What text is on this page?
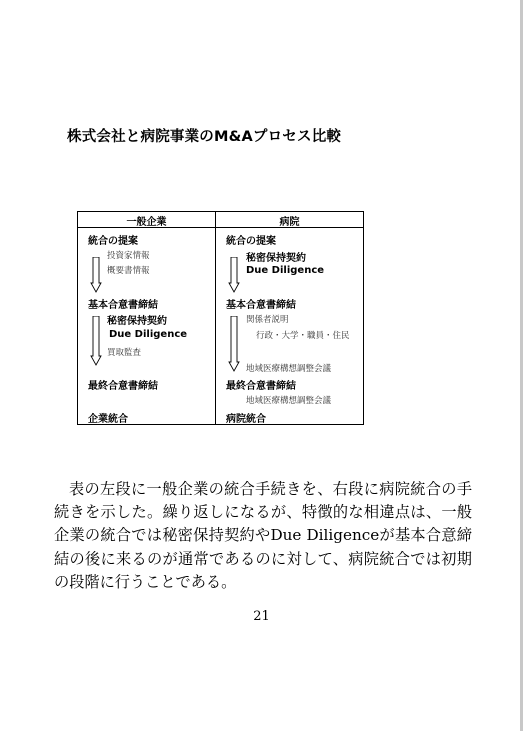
株式会社と病院事業のM&Aプロセス比較
一般企業	病院
統合の提案
投資家情報
概要書情報
基本合意書締結
秘密保持契約
Due Diligence
買取監査
最終合意書締結
企業統合
統合の提案
秘密保持契約
Due Diligence
基本合意書締結
関係者説明
行政・大学・職員・住民
地域医療構想調整会議
最終合意書締結
地域医療構想調整会議
病院統合
表の左段に一般企業の統合手続きを、右段に病院統合の手続きを示した。繰り返しになるが、特徴的な相違点は、一般企業の統合では秘密保持契約やDue Diligenceが基本合意締結の後に来るのが通常であるのに対して、病院統合では初期の段階に行うことである。
21
